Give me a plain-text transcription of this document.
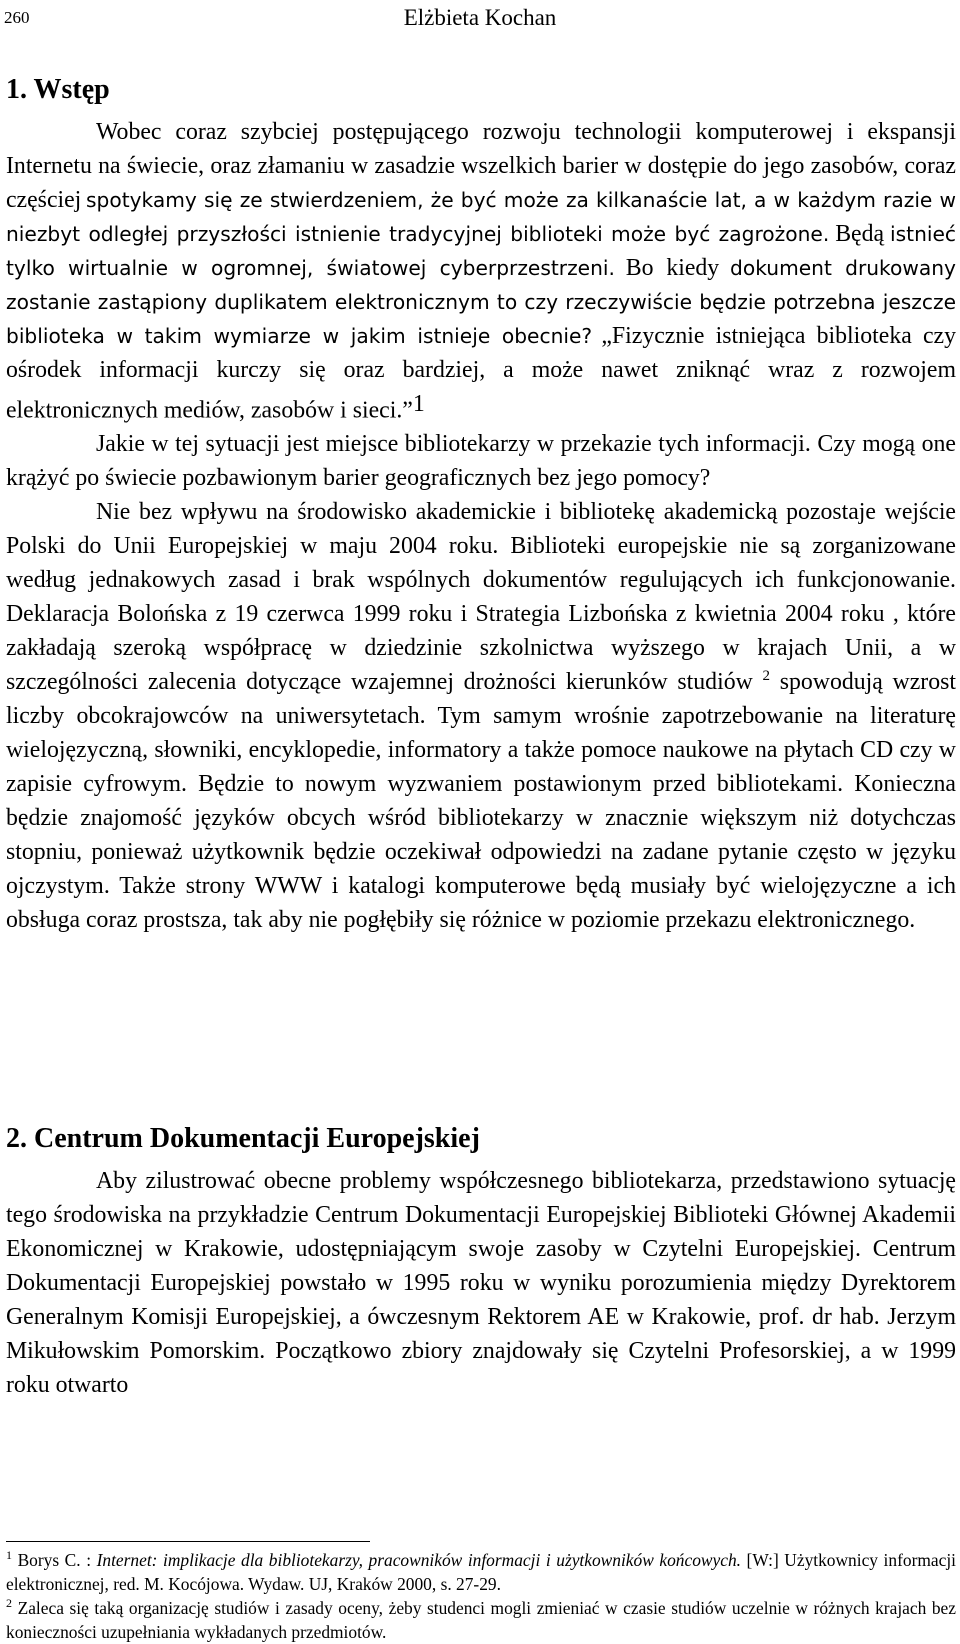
260	Elżbieta Kochan
1. Wstęp

Wobec coraz szybciej postępującego rozwoju technologii komputerowej i ekspansji Internetu na świecie, oraz złamaniu w zasadzie wszelkich barier w dostępie do jego zasobów, coraz częściej spotykamy się ze stwierdzeniem, że być może za kilkanaście lat, a w każdym razie w niezbyt odległej przyszłości istnienie tradycyjnej biblioteki może być zagrożone. Będą istnieć tylko wirtualnie w ogromnej, światowej cyberprzestrzeni. Bo kiedy dokument drukowany zostanie zastąpiony duplikatem elektronicznym to czy rzeczywiście będzie potrzebna jeszcze biblioteka w takim wymiarze w jakim istnieje obecnie? „Fizycznie istniejąca biblioteka czy ośrodek informacji kurczy się oraz bardziej, a może nawet zniknąć wraz z rozwojem elektronicznych mediów, zasobów i sieci.”$^1$

Jakie w tej sytuacji jest miejsce bibliotekarzy w przekazie tych informacji. Czy mogą one krążyć po świecie pozbawionym barier geograficznych bez jego pomocy?

Nie bez wpływu na środowisko akademickie i bibliotekę akademicką pozostaje wejście Polski do Unii Europejskiej w maju 2004 roku. Biblioteki europejskie nie są zorganizowane według jednakowych zasad i brak wspólnych dokumentów regulujących ich funkcjonowanie. Deklaracja Bolońska z 19 czerwca 1999 roku i Strategia Lizbońska z kwietnia 2004 roku , które zakładają szeroką współpracę w dziedzinie szkolnictwa wyższego w krajach Unii, a w szczególności zalecenia dotyczące wzajemnej drożności kierunków studiów $^2$ spowodują wzrost liczby obcokrajowców na uniwersytetach. Tym samym wrośnie zapotrzebowanie na literaturę wielojęzyczną, słowniki, encyklopedie, informatory a także pomoce naukowe na płytach CD czy w zapisie cyfrowym. Będzie to nowym wyzwaniem postawionym przed bibliotekami. Konieczna będzie znajomość języków obcych wśród bibliotekarzy w znacznie większym niż dotychczas stopniu, ponieważ użytkownik będzie oczekiwał odpowiedzi na zadane pytanie często w języku ojczystym. Także strony WWW i katalogi komputerowe będą musiały być wielojęzyczne a ich obsługa coraz prostsza, tak aby nie pogłębiły się różnice w poziomie przekazu elektronicznego.

2. Centrum Dokumentacji Europejskiej

Aby zilustrować obecne problemy współczesnego bibliotekarza, przedstawiono sytuację tego środowiska na przykładzie Centrum Dokumentacji Europejskiej Biblioteki Głównej Akademii Ekonomicznej w Krakowie, udostępniającym swoje zasoby w Czytelni Europejskiej. Centrum Dokumentacji Europejskiej powstało w 1995 roku w wyniku porozumienia między Dyrektorem Generalnym Komisji Europejskiej, a ówczesnym Rektorem AE w Krakowie, prof. dr hab. Jerzym Mikułowskim Pomorskim. Początkowo zbiory znajdowały się Czytelni Profesorskiej, a w 1999 roku otwarto

$^1$ Borys C. : Internet: implikacje dla bibliotekarzy, pracowników informacji i użytkowników końcowych. [W:] Użytkownicy informacji elektronicznej, red. M. Kocójowa. Wydaw. UJ, Kraków 2000, s. 27-29.

$^2$ Zaleca się taką organizację studiów i zasady oceny, żeby studenci mogli zmieniać w czasie studiów uczelnie w różnych krajach bez konieczności uzupełniania wykładanych przedmiotów.
